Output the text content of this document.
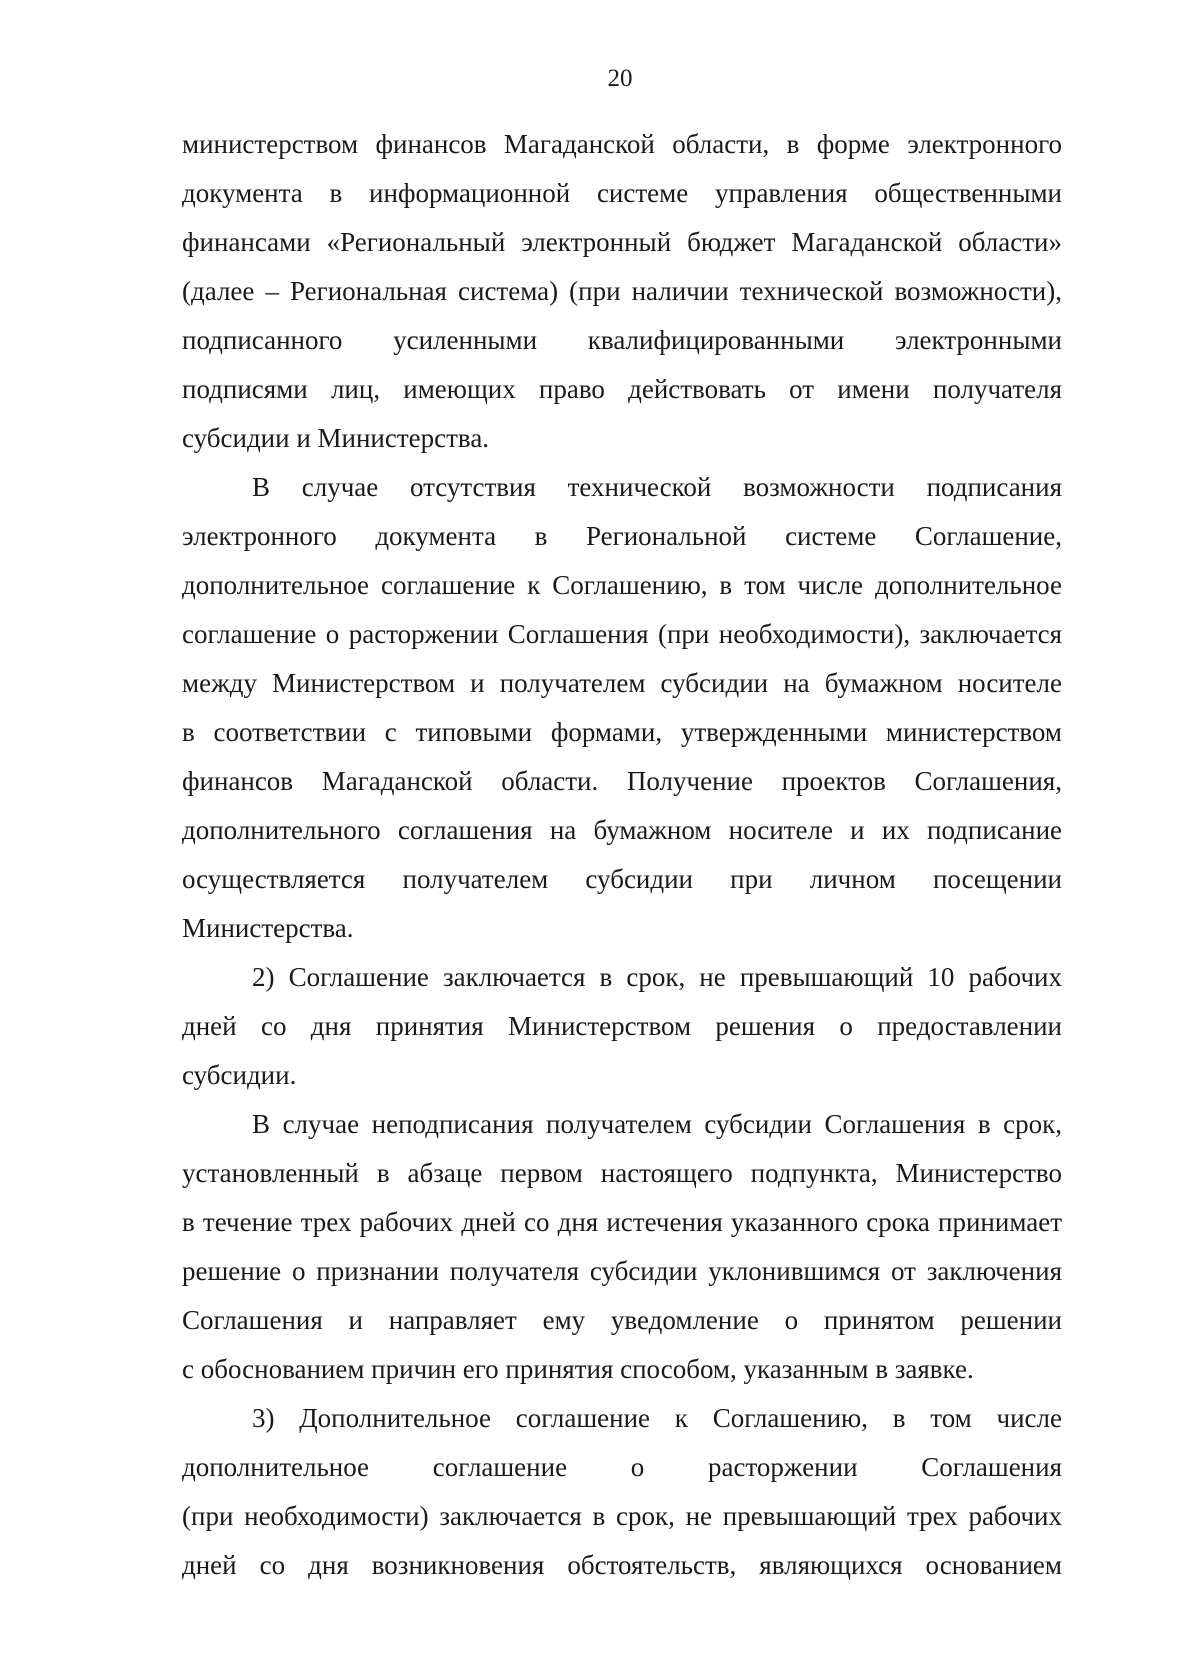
20

министерством финансов Магаданской области, в форме электронного
документа в информационной системе управления общественными
финансами «Региональный электронный бюджет Магаданской области»
(далее – Региональная система) (при наличии технической возможности),
подписанного усиленными квалифицированными электронными
подписями лиц, имеющих право действовать от имени получателя
субсидии и Министерства.

В случае отсутствия технической возможности подписания
электронного документа в Региональной системе Соглашение,
дополнительное соглашение к Соглашению, в том числе дополнительное
соглашение о расторжении Соглашения (при необходимости), заключается
между Министерством и получателем субсидии на бумажном носителе
в соответствии с типовыми формами, утвержденными министерством
финансов Магаданской области. Получение проектов Соглашения,
дополнительного соглашения на бумажном носителе и их подписание
осуществляется получателем субсидии при личном посещении
Министерства.

2) Соглашение заключается в срок, не превышающий 10 рабочих
дней со дня принятия Министерством решения о предоставлении
субсидии.

В случае неподписания получателем субсидии Соглашения в срок,
установленный в абзаце первом настоящего подпункта, Министерство
в течение трех рабочих дней со дня истечения указанного срока принимает
решение о признании получателя субсидии уклонившимся от заключения
Соглашения и направляет ему уведомление о принятом решении
с обоснованием причин его принятия способом, указанным в заявке.

3) Дополнительное соглашение к Соглашению, в том числе
дополнительное соглашение о расторжении Соглашения
(при необходимости) заключается в срок, не превышающий трех рабочих
дней со дня возникновения обстоятельств, являющихся основанием
